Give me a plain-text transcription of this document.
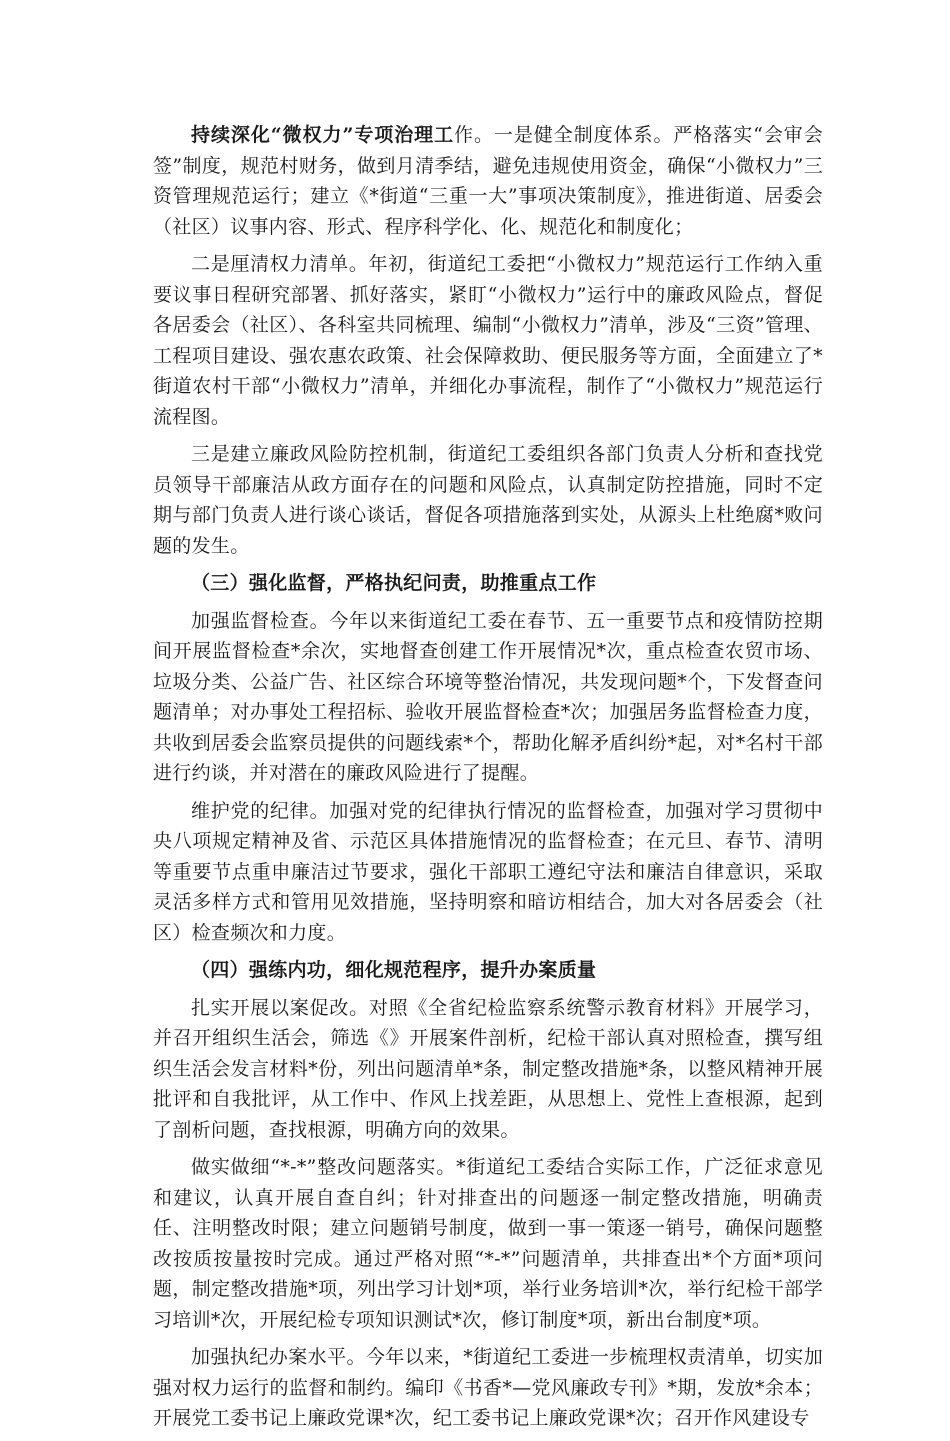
持续深化“微权力”专项治理工作。一是健全制度体系。严格落实“会审会签”制度，规范村财务，做到月清季结，避免违规使用资金，确保“小微权力”三资管理规范运行；建立《*街道“三重一大”事项决策制度》，推进街道、居委会（社区）议事内容、形式、程序科学化、化、规范化和制度化；

二是厘清权力清单。年初，街道纪工委把“小微权力”规范运行工作纳入重要议事日程研究部署、抓好落实，紧盯“小微权力”运行中的廉政风险点，督促各居委会（社区）、各科室共同梳理、编制“小微权力”清单，涉及“三资”管理、工程项目建设、强农惠农政策、社会保障救助、便民服务等方面，全面建立了*街道农村干部“小微权力”清单，并细化办事流程，制作了“小微权力”规范运行流程图。

三是建立廉政风险防控机制，街道纪工委组织各部门负责人分析和查找党员领导干部廉洁从政方面存在的问题和风险点，认真制定防控措施，同时不定期与部门负责人进行谈心谈话，督促各项措施落到实处，从源头上杜绝腐*败问题的发生。

（三）强化监督，严格执纪问责，助推重点工作

加强监督检查。今年以来街道纪工委在春节、五一重要节点和疫情防控期间开展监督检查*余次，实地督查创建工作开展情况*次，重点检查农贸市场、垃圾分类、公益广告、社区综合环境等整治情况，共发现问题*个，下发督查问题清单；对办事处工程招标、验收开展监督检查*次；加强居务监督检查力度，共收到居委会监察员提供的问题线索*个，帮助化解矛盾纠纷*起，对*名村干部进行约谈，并对潜在的廉政风险进行了提醒。

维护党的纪律。加强对党的纪律执行情况的监督检查，加强对学习贯彻中央八项规定精神及省、示范区具体措施情况的监督检查；在元旦、春节、清明等重要节点重申廉洁过节要求，强化干部职工遵纪守法和廉洁自律意识，采取灵活多样方式和管用见效措施，坚持明察和暗访相结合，加大对各居委会（社区）检查频次和力度。

（四）强练内功，细化规范程序，提升办案质量

扎实开展以案促改。对照《全省纪检监察系统警示教育材料》开展学习，并召开组织生活会，筛选《》开展案件剖析，纪检干部认真对照检查，撰写组织生活会发言材料*份，列出问题清单*条，制定整改措施*条，以整风精神开展批评和自我批评，从工作中、作风上找差距，从思想上、党性上查根源，起到了剖析问题，查找根源，明确方向的效果。

做实做细“*-*”整改问题落实。*街道纪工委结合实际工作，广泛征求意见和建议，认真开展自查自纠；针对排查出的问题逐一制定整改措施，明确责任、注明整改时限；建立问题销号制度，做到一事一策逐一销号，确保问题整改按质按量按时完成。通过严格对照“*-*”问题清单，共排查出*个方面*项问题，制定整改措施*项，列出学习计划*项，举行业务培训*次，举行纪检干部学习培训*次，开展纪检专项知识测试*次，修订制度*项，新出台制度*项。

加强执纪办案水平。今年以来，*街道纪工委进一步梳理权责清单，切实加强对权力运行的监督和制约。编印《书香*—党风廉政专刊》*期，发放*余本；开展党工委书记上廉政党课*次，纪工委书记上廉政党课*次；召开作风建设专
